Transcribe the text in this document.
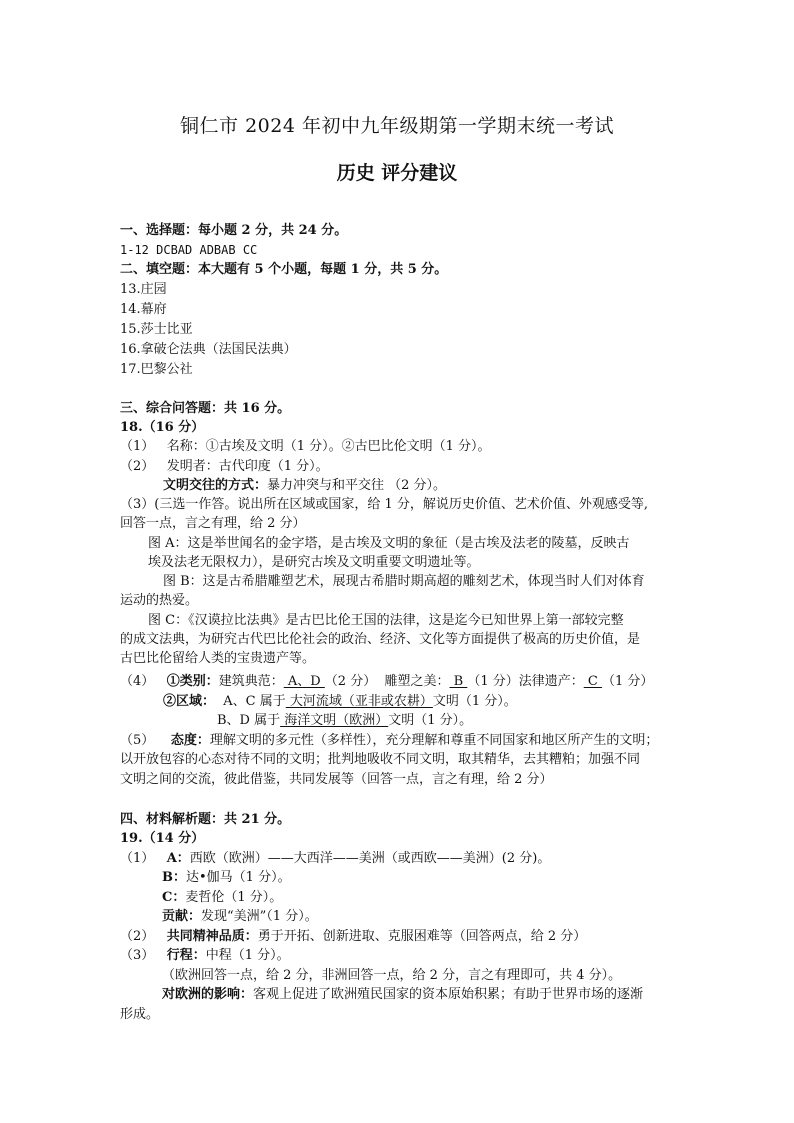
铜仁市 2024 年初中九年级期第一学期末统一考试
历史 评分建议
一、选择题：每小题 2 分，共 24 分。
1-12 DCBAD ADBAB CC
二、填空题：本大题有 5 个小题，每题 1 分，共 5 分。
13.庄园
14.幕府
15.莎士比亚
16.拿破仑法典（法国民法典）
17.巴黎公社
三、综合问答题：共 16 分。
18.（16 分）
（1） 名称：①古埃及文明（1 分）。②古巴比伦文明（1 分）。
（2） 发明者：古代印度（1 分）。
文明交往的方式：暴力冲突与和平交往 （2 分）。
（3）(三选一作答。说出所在区域或国家，给 1 分，解说历史价值、艺术价值、外观感受等,
回答一点，言之有理，给 2 分）
图 A：这是举世闻名的金字塔，是古埃及文明的象征（是古埃及法老的陵墓，反映古
埃及法老无限权力），是研究古埃及文明重要文明遗址等。
图 B：这是古希腊雕塑艺术，展现古希腊时期高超的雕刻艺术，体现当时人们对体育
运动的热爱。
图 C：《汉谟拉比法典》是古巴比伦王国的法律，这是迄今已知世界上第一部较完整
的成文法典，为研究古代巴比伦社会的政治、经济、文化等方面提供了极高的历史价值，是
古巴比伦留给人类的宝贵遗产等。
（4） ①类别：建筑典范： A、D （2 分） 雕塑之美： B （1 分）法律遗产： C （1 分）
②区域： A、C 属于 大河流域（亚非或农耕）文明（1 分）。
B、D 属于 海洋文明（欧洲）文明（1 分）。
（5） 态度：理解文明的多元性（多样性），充分理解和尊重不同国家和地区所产生的文明；
以开放包容的心态对待不同的文明；批判地吸收不同文明，取其精华，去其糟粕；加强不同
文明之间的交流，彼此借鉴，共同发展等（回答一点，言之有理，给 2 分）
四、材料解析题：共 21 分。
19.（14 分）
（1） A：西欧（欧洲）——大西洋——美洲（或西欧——美洲）(2 分)。
B：达•伽马（1 分）。
C：麦哲伦（1 分）。
贡献：发现“美洲”（1 分）。
（2） 共同精神品质：勇于开拓、创新进取、克服困难等（回答两点，给 2 分）
（3） 行程：中程（1 分）。
（欧洲回答一点，给 2 分，非洲回答一点，给 2 分，言之有理即可，共 4 分）。
对欧洲的影响：客观上促进了欧洲殖民国家的资本原始积累；有助于世界市场的逐渐
形成。
